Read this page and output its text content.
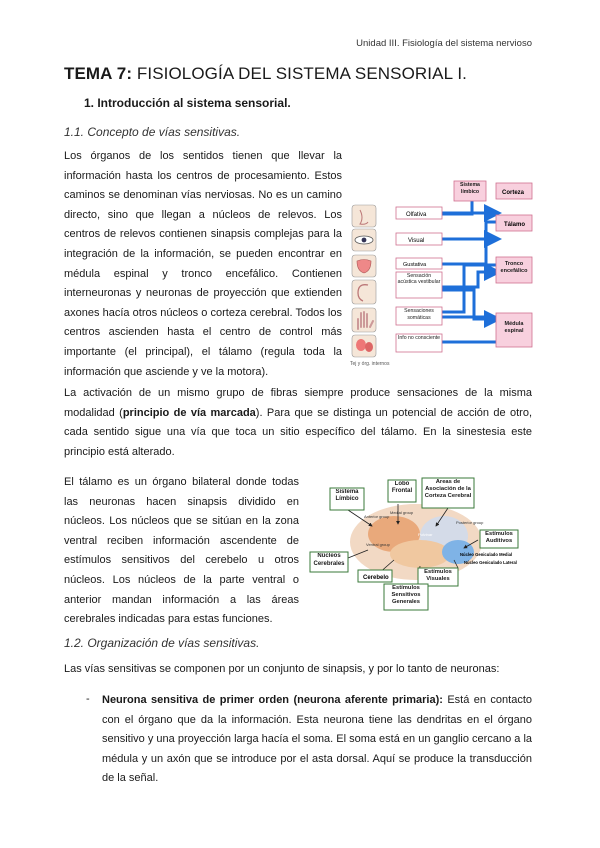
Unidad III. Fisiología del sistema nervioso
TEMA 7: FISIOLOGÍA DEL SISTEMA SENSORIAL I.
1. Introducción al sistema sensorial.
1.1. Concepto de vías sensitivas.
Los órganos de los sentidos tienen que llevar la información hasta los centros de procesamiento. Estos caminos se denominan vías nerviosas. No es un camino directo, sino que llegan a núcleos de relevos. Los centros de relevos contienen sinapsis complejas para la integración de la información, se pueden encontrar en médula espinal y tronco encefálico. Contienen interneuronas y neuronas de proyección que extienden axones hacía otros núcleos o corteza cerebral. Todos los centros ascienden hasta el centro de control más importante (el principal), el tálamo (regula toda la información que asciende y ve la motora).
Tej y órg. internos
Olfativa
Visual
Gustativa
Sensación acústica vestibular
Sensaciones somáticas
Info no consciente
Sistema límbico	Corteza
Tálamo
Tronco encefálico
Médula espinal
La activación de un mismo grupo de fibras siempre produce sensaciones de la misma modalidad (principio de vía marcada). Para que se distinga un potencial de acción de otro, cada sentido sigue una vía que toca un sitio específico del tálamo. En la sinestesia este principio está alterado.
El tálamo es un órgano bilateral donde todas las neuronas hacen sinapsis dividido en núcleos. Los núcleos que se sitúan en la zona ventral reciben información ascendente de estímulos sensitivos del cerebelo u otros núcleos. Los núcleos de la parte ventral o anterior mandan información a las áreas cerebrales indicadas para estas funciones.
Anterior group
Medial group
Posterior group
Pulvinar
Ventral group
Sistema Límbico
Lobo Frontal
Áreas de Asociación de la Corteza Cerebral
Estímulos Auditivos
Núcleo Geniculado Medial
Núcleo Geniculado Lateral
Estímulos Visuales
Estímulos Sensitivos Generales
Cerebelo
Núcleos Cerebrales
1.2. Organización de vías sensitivas.
Las vías sensitivas se componen por un conjunto de sinapsis, y por lo tanto de neuronas:
- Neurona sensitiva de primer orden (neurona aferente primaria): Está en contacto con el órgano que da la información. Esta neurona tiene las dendritas en el órgano sensitivo y una proyección larga hacía el soma. El soma está en un ganglio cercano a la médula y un axón que se introduce por el asta dorsal. Aquí se produce la transducción de la señal.
